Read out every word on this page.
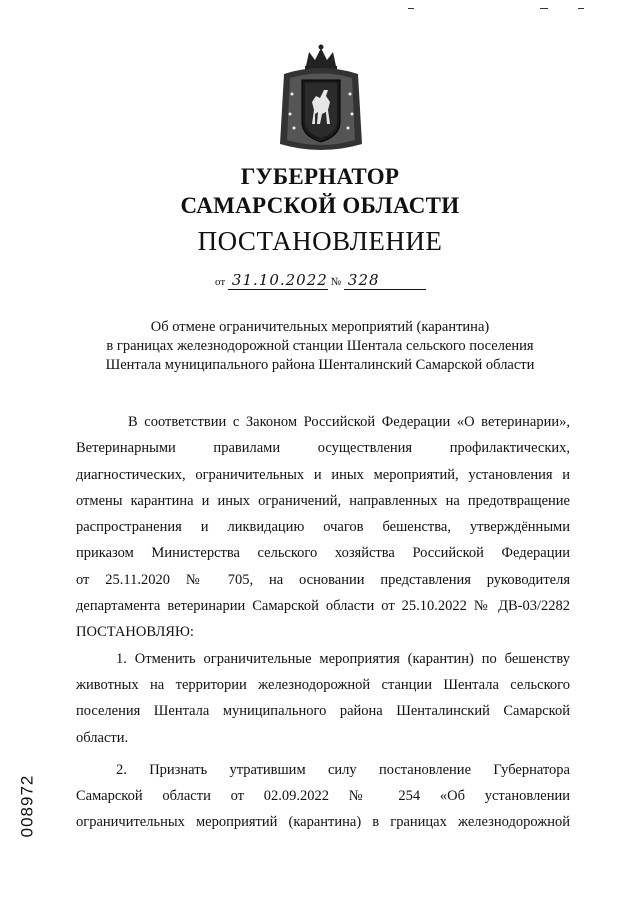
ГУБЕРНАТОР
САМАРСКОЙ ОБЛАСТИ
ПОСТАНОВЛЕНИЕ
от 31.10.2022 № 328
Об отмене ограничительных мероприятий (карантина)
в границах железнодорожной станции Шентала сельского поселения
Шентала муниципального района Шенталинский Самарской области
В соответствии с Законом Российской Федерации «О ветеринарии»,
Ветеринарными правилами осуществления профилактических,
диагностических, ограничительных и иных мероприятий, установления и
отмены карантина и иных ограничений, направленных на предотвращение
распространения и ликвидацию очагов бешенства, утверждёнными
приказом Министерства сельского хозяйства Российской Федерации
от 25.11.2020 № 705, на основании представления руководителя
департамента ветеринарии Самарской области от 25.10.2022 № ДВ-03/2282
ПОСТАНОВЛЯЮ:
1. Отменить ограничительные мероприятия (карантин) по бешенству
животных на территории железнодорожной станции Шентала сельского
поселения Шентала муниципального района Шенталинский Самарской
области.
2. Признать утратившим силу постановление Губернатора
Самарской области от 02.09.2022 № 254 «Об установлении
ограничительных мероприятий (карантина) в границах железнодорожной
008972
